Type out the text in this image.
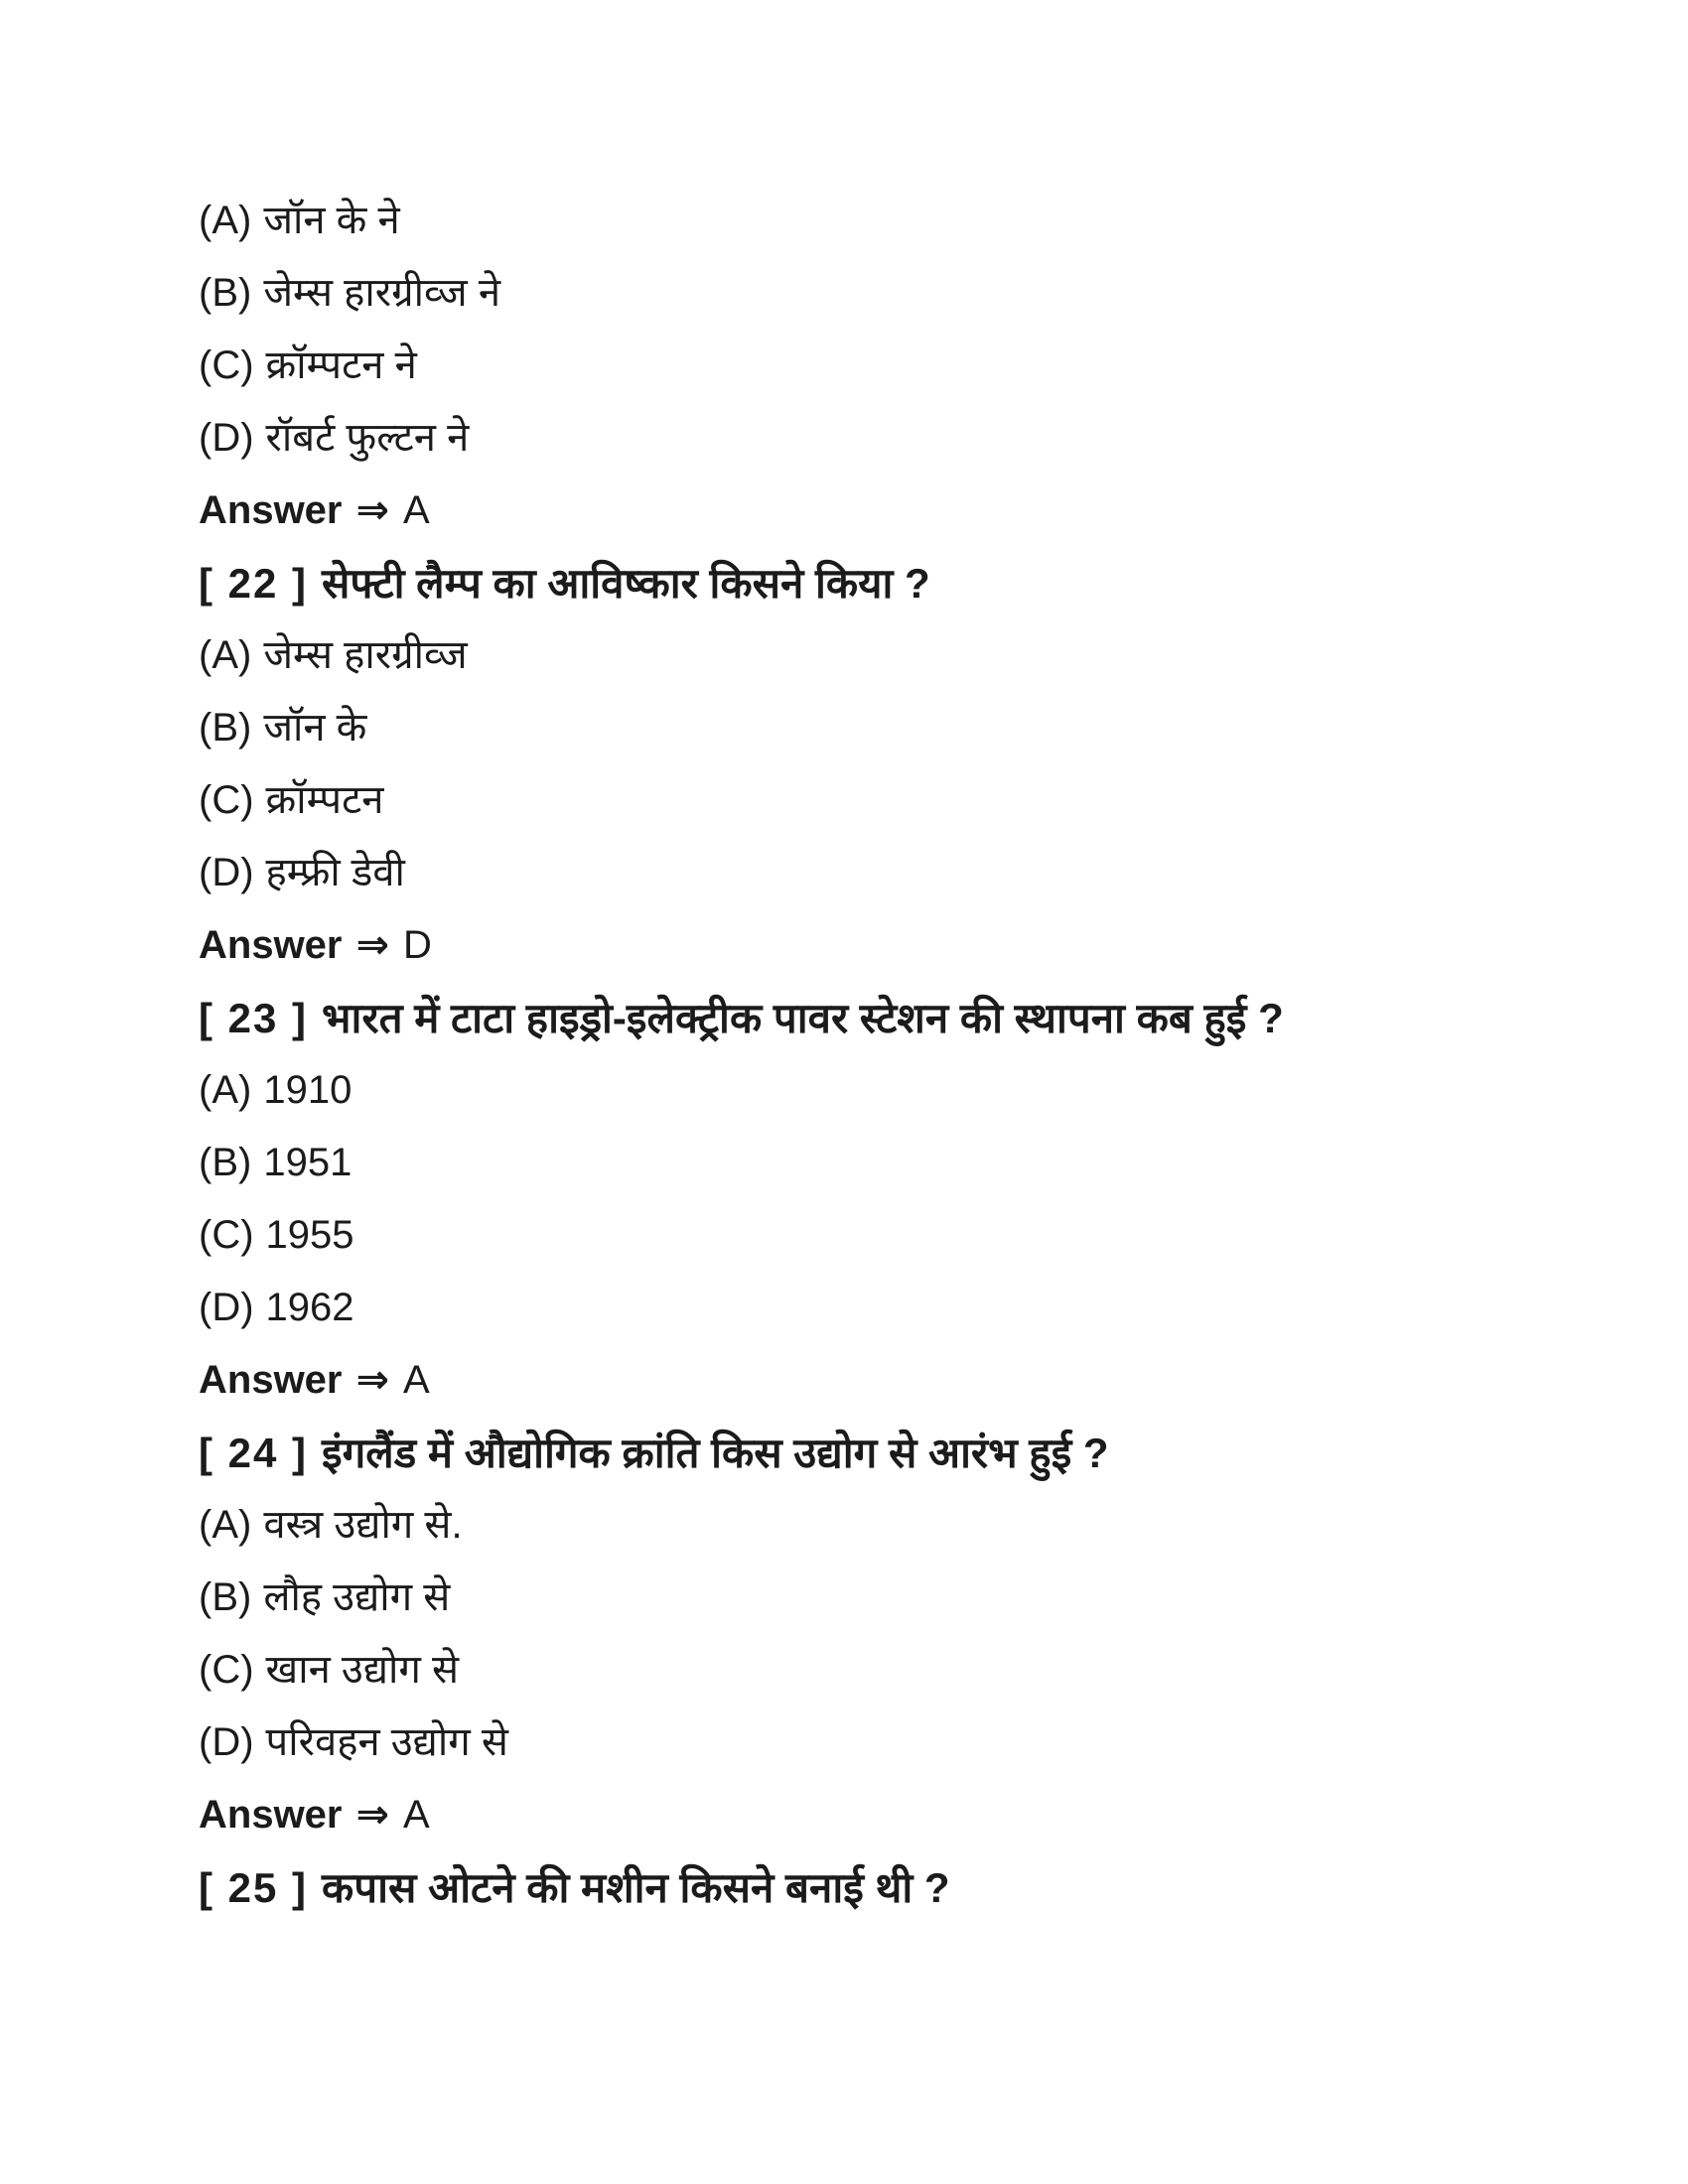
(A) जॉन के ने
(B) जेम्स हारग्रीव्ज ने
(C) क्रॉम्पटन ने
(D) रॉबर्ट फुल्टन ने
Answer ⇒ A
[ 22 ] सेफ्टी लैम्प का आविष्कार किसने किया ?
(A) जेम्स हारग्रीव्ज
(B) जॉन के
(C) क्रॉम्पटन
(D) हम्फ्री डेवी
Answer ⇒ D
[ 23 ] भारत में टाटा हाइड्रो-इलेक्ट्रीक पावर स्टेशन की स्थापना कब हुई ?
(A) 1910
(B) 1951
(C) 1955
(D) 1962
Answer ⇒ A
[ 24 ] इंगलैंड में औद्योगिक क्रांति किस उद्योग से आरंभ हुई ?
(A) वस्त्र उद्योग से.
(B) लौह उद्योग से
(C) खान उद्योग से
(D) परिवहन उद्योग से
Answer ⇒ A
[ 25 ] कपास ओटने की मशीन किसने बनाई थी ?
